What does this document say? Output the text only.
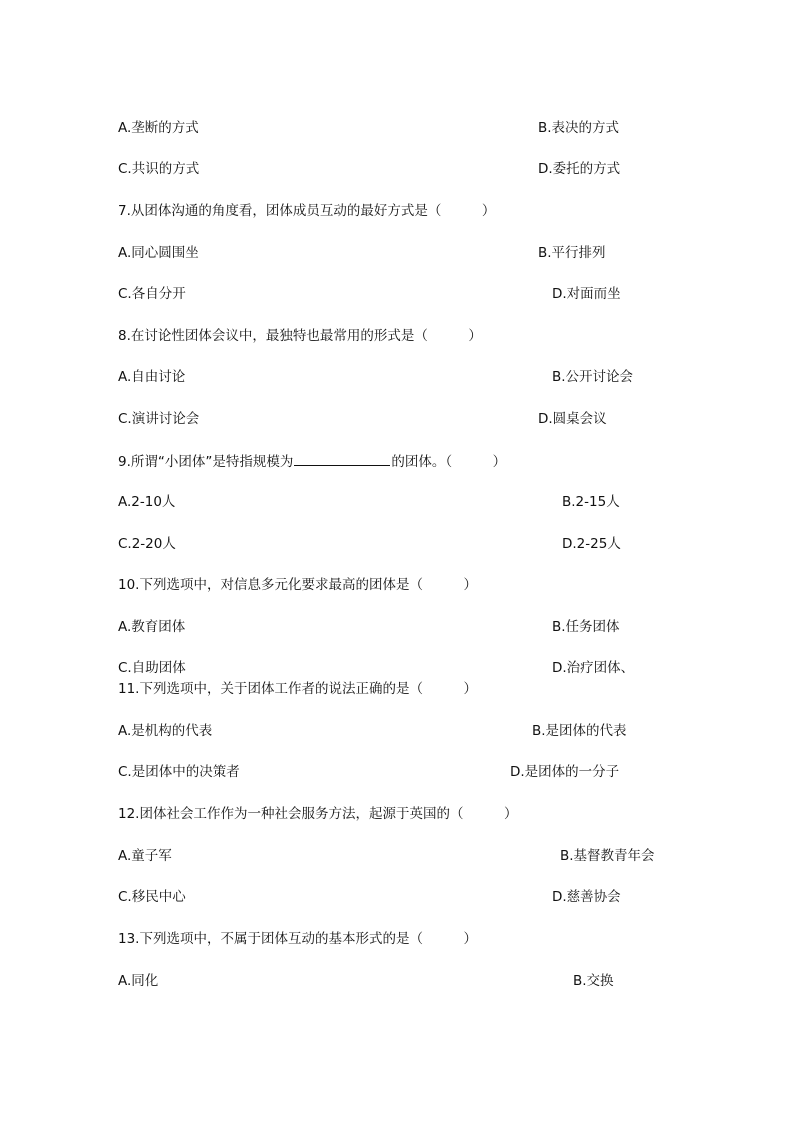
A.垄断的方式	B.表决的方式
C.共识的方式	D.委托的方式
7.从团体沟通的角度看，团体成员互动的最好方式是（　　　）
A.同心圆围坐	B.平行排列
C.各自分开	D.对面而坐
8.在讨论性团体会议中，最独特也最常用的形式是（　　　）
A.自由讨论	B.公开讨论会
C.演讲讨论会	D.圆桌会议
9.所谓“小团体”是特指规模为	的团体。（　　　）
A.2-10人	B.2-15人
C.2-20人	D.2-25人
10.下列选项中，对信息多元化要求最高的团体是（　　　）
A.教育团体	B.任务团体
C.自助团体	D.治疗团体、
11.下列选项中，关于团体工作者的说法正确的是（　　　）
A.是机构的代表	B.是团体的代表
C.是团体中的决策者	D.是团体的一分子
12.团体社会工作作为一种社会服务方法，起源于英国的（　　　）
A.童子军	B.基督教青年会
C.移民中心	D.慈善协会
13.下列选项中，不属于团体互动的基本形式的是（　　　）
A.同化	B.交换
